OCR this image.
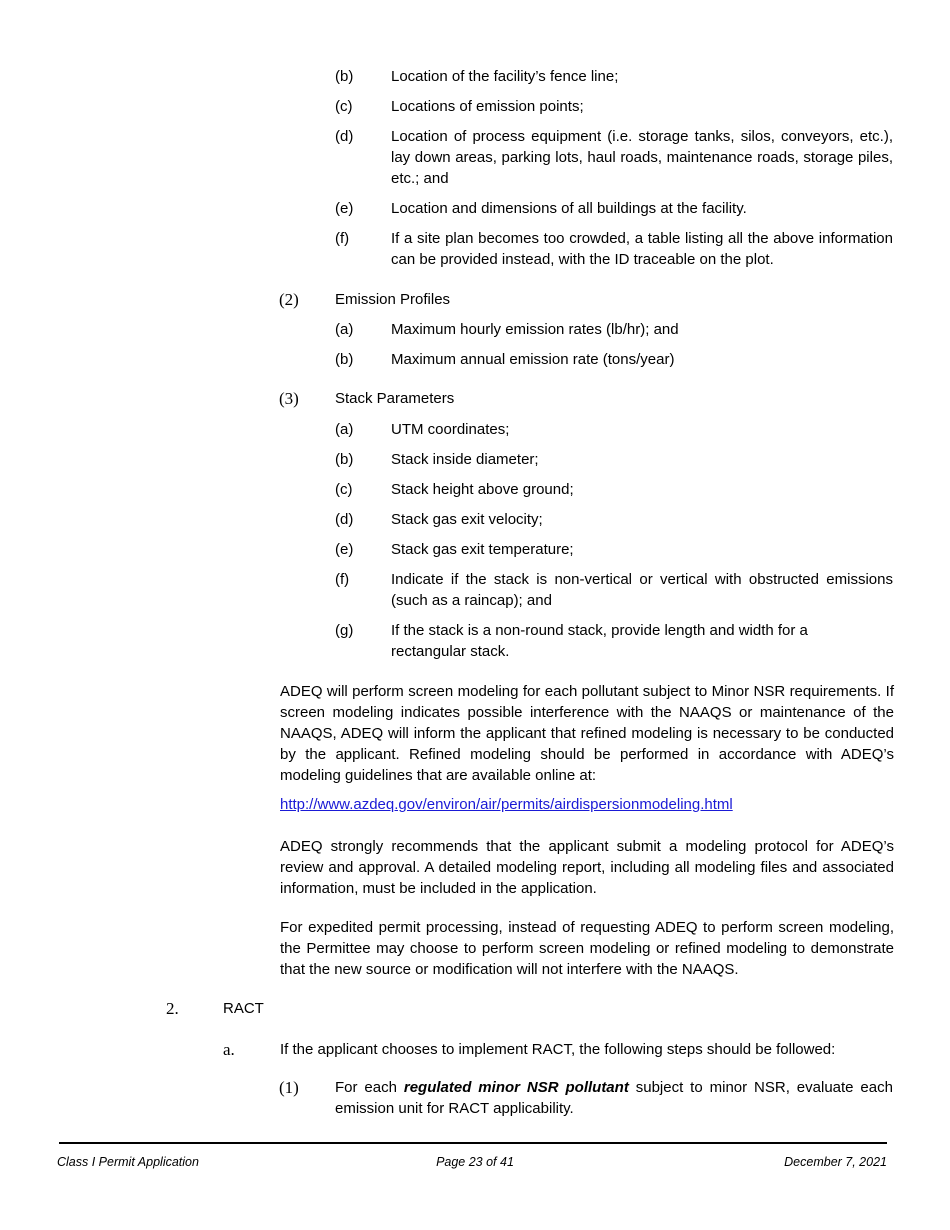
(b)	Location of the facility’s fence line;
(c)	Locations of emission points;
(d)	Location of process equipment (i.e. storage tanks, silos, conveyors, etc.), lay down areas, parking lots, haul roads, maintenance roads, storage piles, etc.; and
(e)	Location and dimensions of all buildings at the facility.
(f)	If a site plan becomes too crowded, a table listing all the above information can be provided instead, with the ID traceable on the plot.
(2) Emission Profiles
(a)	Maximum hourly emission rates (lb/hr); and
(b)	Maximum annual emission rate (tons/year)
(3) Stack Parameters
(a)	UTM coordinates;
(b)	Stack inside diameter;
(c)	Stack height above ground;
(d)	Stack gas exit velocity;
(e)	Stack gas exit temperature;
(f)	Indicate if the stack is non-vertical or vertical with obstructed emissions (such as a raincap); and
(g)	If the stack is a non-round stack, provide length and width for a rectangular stack.
ADEQ will perform screen modeling for each pollutant subject to Minor NSR requirements. If screen modeling indicates possible interference with the NAAQS or maintenance of the NAAQS, ADEQ will inform the applicant that refined modeling is necessary to be conducted by the applicant. Refined modeling should be performed in accordance with ADEQ’s modeling guidelines that are available online at:
http://www.azdeq.gov/environ/air/permits/airdispersionmodeling.html
ADEQ strongly recommends that the applicant submit a modeling protocol for ADEQ’s review and approval. A detailed modeling report, including all modeling files and associated information, must be included in the application.
For expedited permit processing, instead of requesting ADEQ to perform screen modeling, the Permittee may choose to perform screen modeling or refined modeling to demonstrate that the new source or modification will not interfere with the NAAQS.
2.	RACT
a.	If the applicant chooses to implement RACT, the following steps should be followed:
(1) For each regulated minor NSR pollutant subject to minor NSR, evaluate each emission unit for RACT applicability.
Class I Permit Application	Page 23 of 41	December 7, 2021
